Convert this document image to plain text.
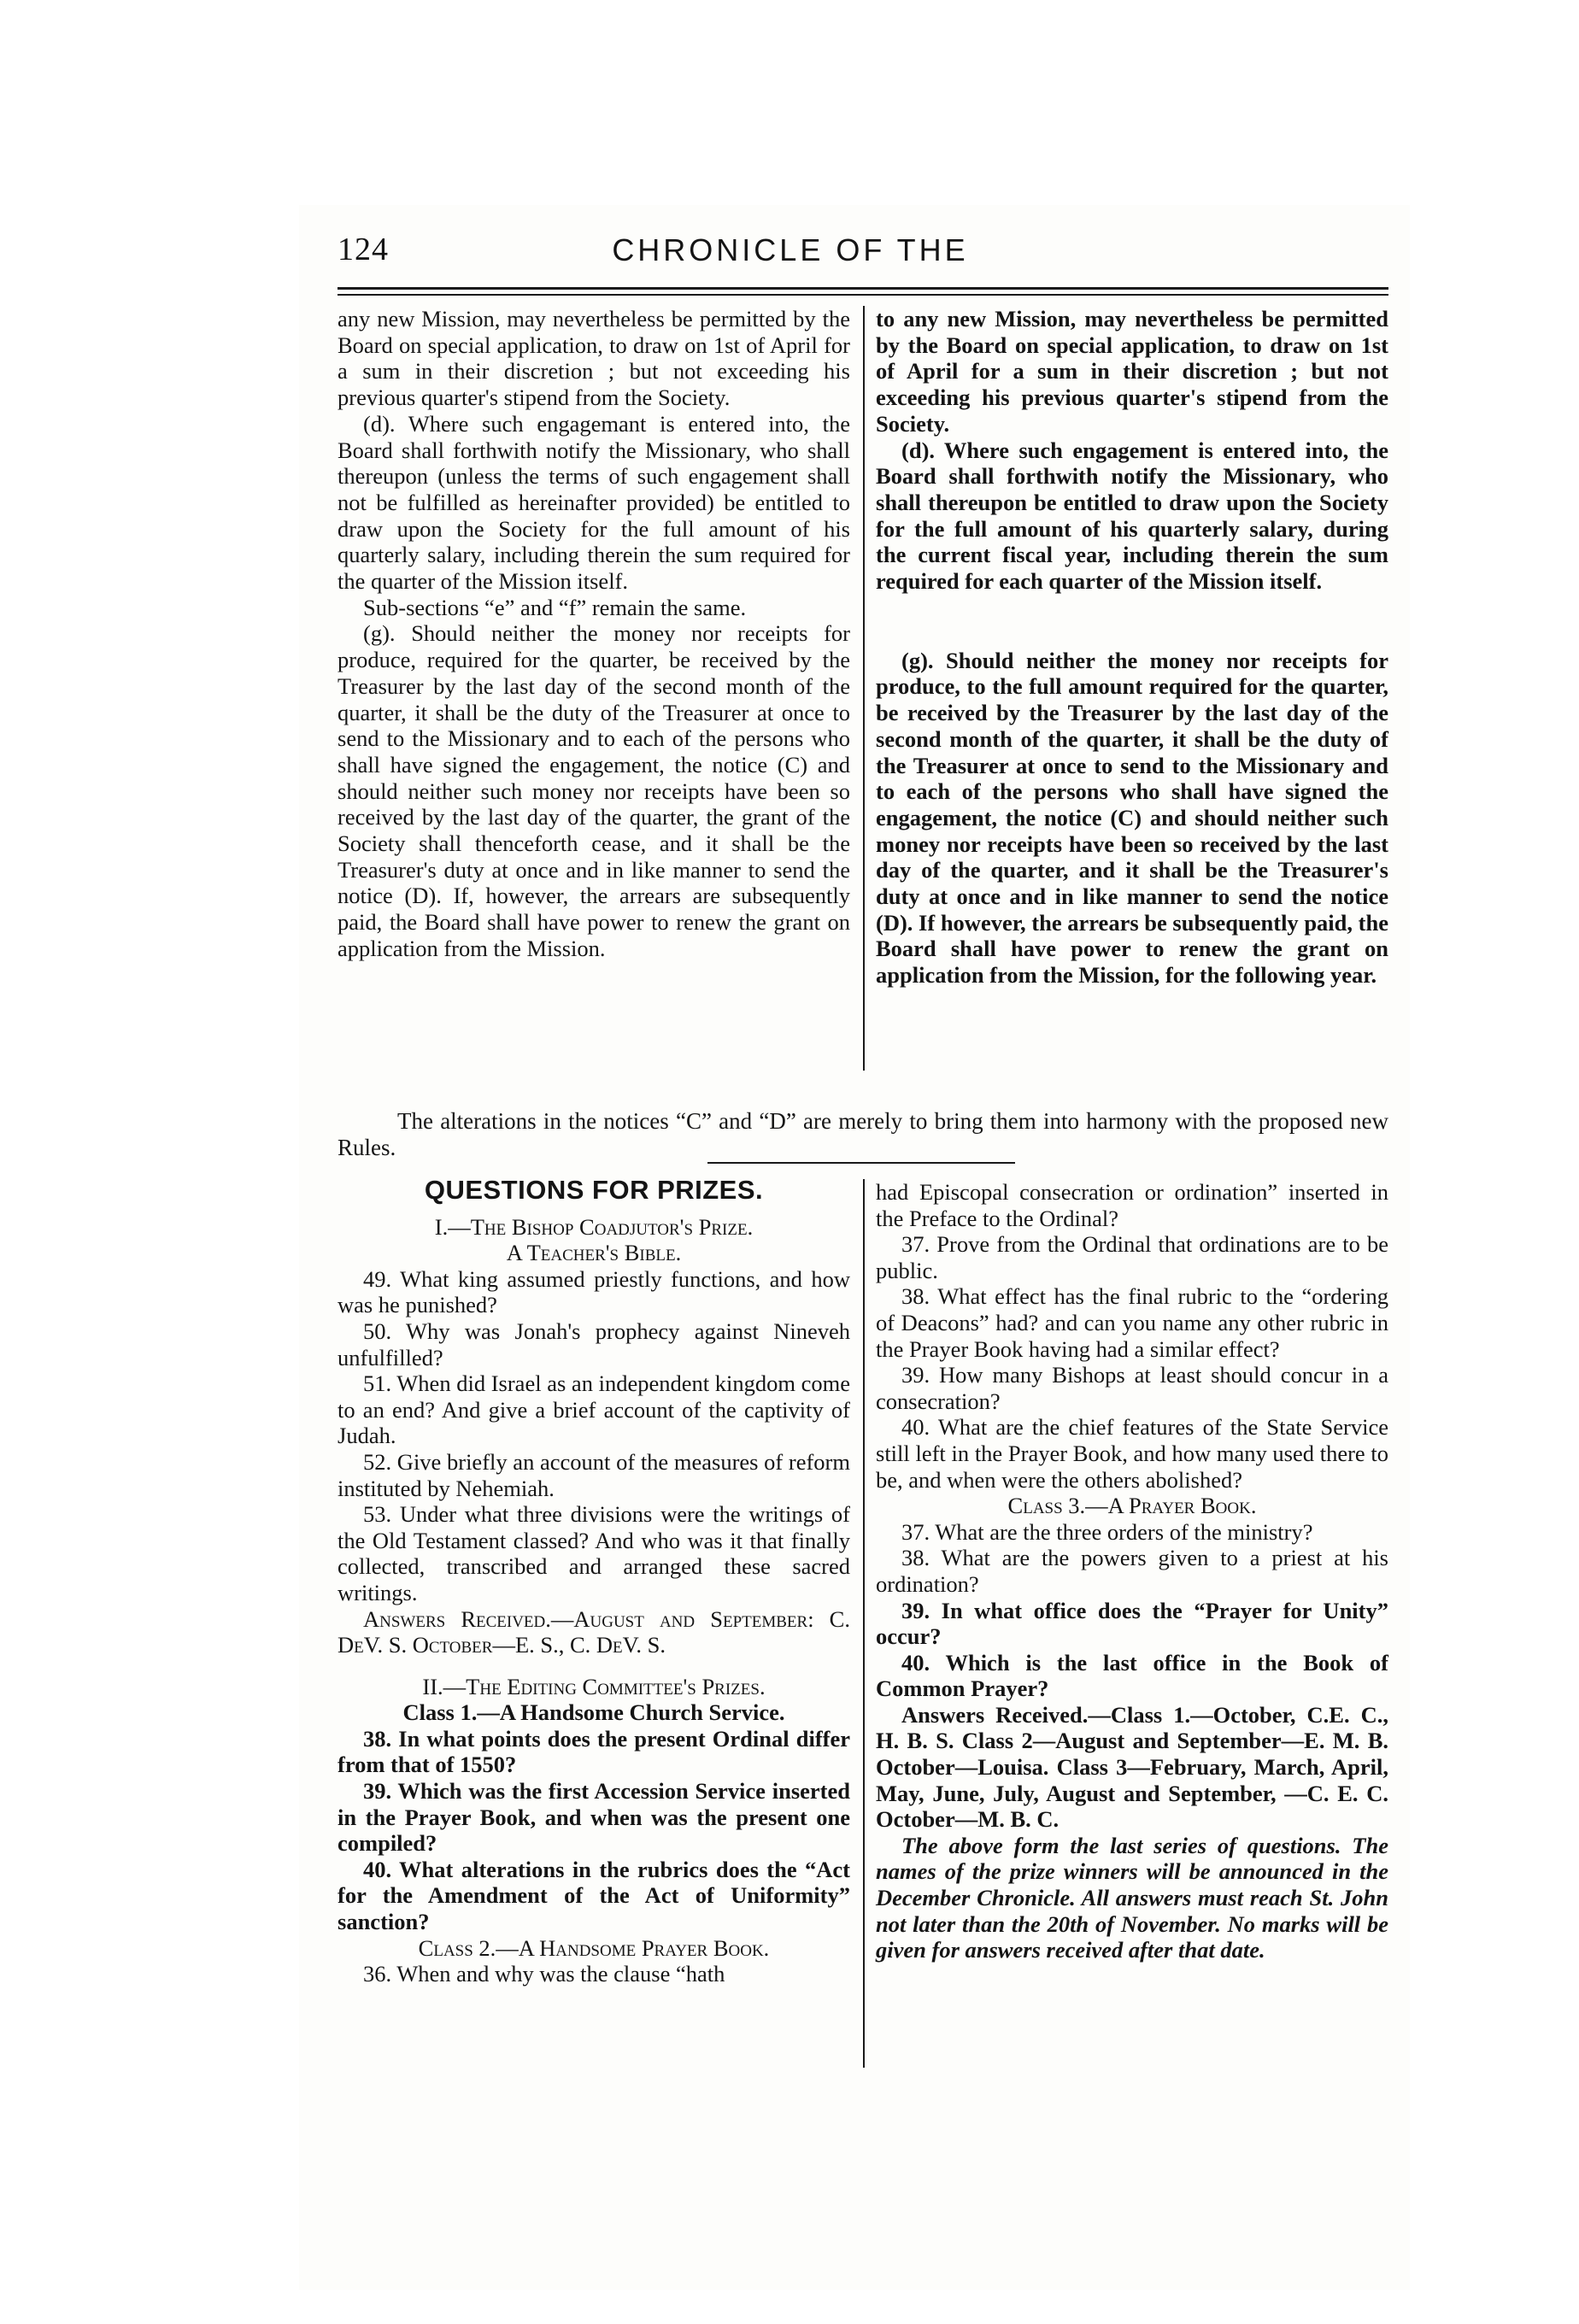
124	CHRONICLE OF THE

any new Mission, may nevertheless be permitted by the Board on special application, to draw on 1st of April for a sum in their discretion ; but not exceeding his previous quarter's stipend from the Society.

(d). Where such engagemant is entered into, the Board shall forthwith notify the Missionary, who shall thereupon (unless the terms of such engagement shall not be fulfilled as hereinafter provided) be entitled to draw upon the Society for the full amount of his quarterly salary, including therein the sum required for the quarter of the Mission itself.

Sub-sections “e” and “f” remain the same.

(g). Should neither the money nor receipts for produce, required for the quarter, be received by the Treasurer by the last day of the second month of the quarter, it shall be the duty of the Treasurer at once to send to the Missionary and to each of the persons who shall have signed the engagement, the notice (C) and should neither such money nor receipts have been so received by the last day of the quarter, the grant of the Society shall thenceforth cease, and it shall be the Treasurer's duty at once and in like manner to send the notice (D). If, however, the arrears are subsequently paid, the Board shall have power to renew the grant on application from the Mission.

to any new Mission, may nevertheless be permitted by the Board on special application, to draw on 1st of April for a sum in their discretion ; but not exceeding his previous quarter's stipend from the Society.

(d). Where such engagement is entered into, the Board shall forthwith notify the Missionary, who shall thereupon be entitled to draw upon the Society for the full amount of his quarterly salary, during the current fiscal year, including therein the sum required for each quarter of the Mission itself.

(g). Should neither the money nor receipts for produce, to the full amount required for the quarter, be received by the Treasurer by the last day of the second month of the quarter, it shall be the duty of the Treasurer at once to send to the Missionary and to each of the persons who shall have signed the engagement, the notice (C) and should neither such money nor receipts have been so received by the last day of the quarter, and it shall be the Treasurer's duty at once and in like manner to send the notice (D). If however, the arrears be subsequently paid, the Board shall have power to renew the grant on application from the Mission, for the following year.

The alterations in the notices “C” and “D” are merely to bring them into harmony with the proposed new Rules.

QUESTIONS FOR PRIZES.

I.—The Bishop Coadjutor's Prize.

A Teacher's Bible.

49. What king assumed priestly functions, and how was he punished?

50. Why was Jonah's prophecy against Nineveh unfulfilled?

51. When did Israel as an independent kingdom come to an end? And give a brief account of the captivity of Judah.

52. Give briefly an account of the measures of reform instituted by Nehemiah.

53. Under what three divisions were the writings of the Old Testament classed? And who was it that finally collected, transcribed and arranged these sacred writings.

Answers Received.—August and September: C. DeV. S. October—E. S., C. DeV. S.

II.—The Editing Committee's Prizes.

Class 1.—A Handsome Church Service.

38. In what points does the present Ordinal differ from that of 1550?

39. Which was the first Accession Service inserted in the Prayer Book, and when was the present one compiled?

40. What alterations in the rubrics does the “Act for the Amendment of the Act of Uniformity” sanction?

Class 2.—A Handsome Prayer Book.

36. When and why was the clause “hath

had Episcopal consecration or ordination” inserted in the Preface to the Ordinal?

37. Prove from the Ordinal that ordinations are to be public.

38. What effect has the final rubric to the “ordering of Deacons” had? and can you name any other rubric in the Prayer Book having had a similar effect?

39. How many Bishops at least should concur in a consecration?

40. What are the chief features of the State Service still left in the Prayer Book, and how many used there to be, and when were the others abolished?

Class 3.—A Prayer Book.

37. What are the three orders of the ministry?

38. What are the powers given to a priest at his ordination?

39. In what office does the “Prayer for Unity” occur?

40. Which is the last office in the Book of Common Prayer?

Answers Received.—Class 1.—October, C.E. C., H. B. S. Class 2—August and September—E. M. B. October—Louisa. Class 3—February, March, April, May, June, July, August and September, —C. E. C. October—M. B. C.

The above form the last series of questions. The names of the prize winners will be announced in the December Chronicle. All answers must reach St. John not later than the 20th of November. No marks will be given for answers received after that date.
